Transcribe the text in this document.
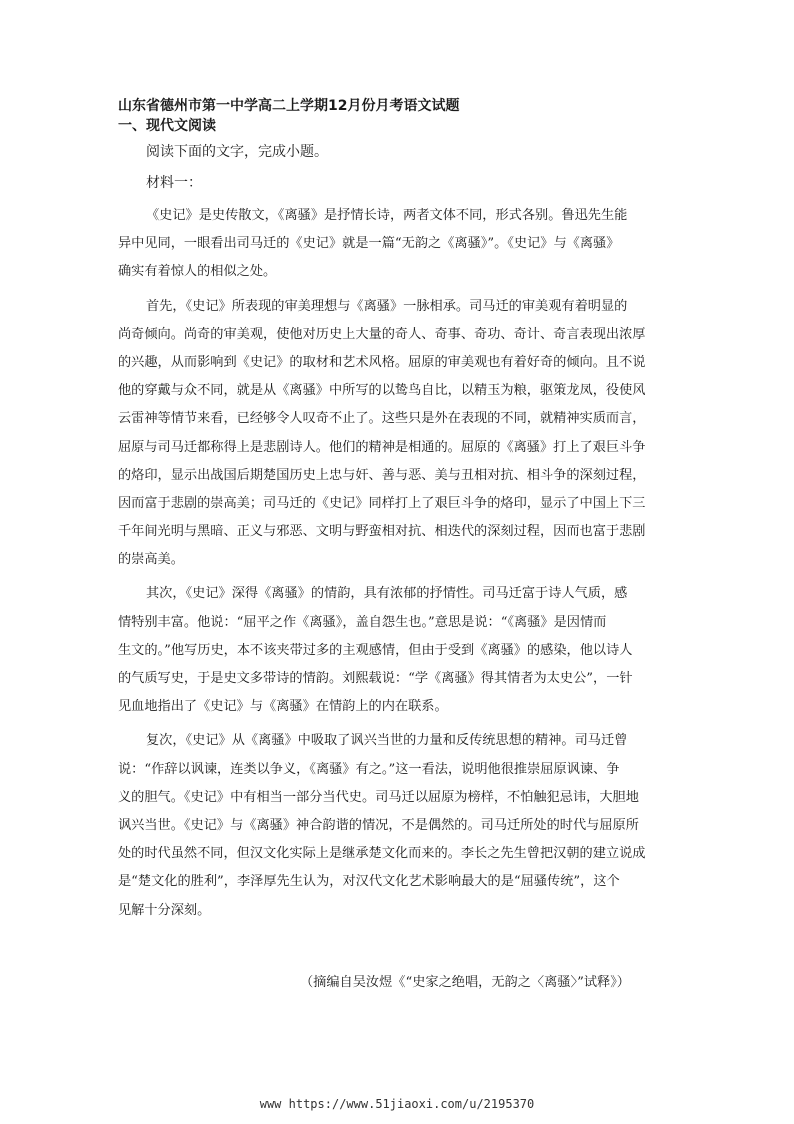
山东省德州市第一中学高二上学期12月份月考语文试题
一、现代文阅读
阅读下面的文字，完成小题。
材料一：
《史记》是史传散文，《离骚》是抒情长诗，两者文体不同，形式各别。鲁迅先生能
异中见同，一眼看出司马迁的《史记》就是一篇“无韵之《离骚》”。《史记》与《离骚》
确实有着惊人的相似之处。
首先，《史记》所表现的审美理想与《离骚》一脉相承。司马迁的审美观有着明显的
尚奇倾向。尚奇的审美观，使他对历史上大量的奇人、奇事、奇功、奇计、奇言表现出浓厚
的兴趣，从而影响到《史记》的取材和艺术风格。屈原的审美观也有着好奇的倾向。且不说
他的穿戴与众不同，就是从《离骚》中所写的以鸷鸟自比，以精玉为粮，驱策龙凤，役使风
云雷神等情节来看，已经够令人叹奇不止了。这些只是外在表现的不同，就精神实质而言，
屈原与司马迁都称得上是悲剧诗人。他们的精神是相通的。屈原的《离骚》打上了艰巨斗争
的烙印，显示出战国后期楚国历史上忠与奸、善与恶、美与丑相对抗、相斗争的深刻过程，
因而富于悲剧的崇高美；司马迁的《史记》同样打上了艰巨斗争的烙印，显示了中国上下三
千年间光明与黑暗、正义与邪恶、文明与野蛮相对抗、相迭代的深刻过程，因而也富于悲剧
的崇高美。
其次，《史记》深得《离骚》的情韵，具有浓郁的抒情性。司马迁富于诗人气质，感
情特别丰富。他说：“屈平之作《离骚》，盖自怨生也。”意思是说：“《离骚》是因情而
生文的。”他写历史，本不该夹带过多的主观感情，但由于受到《离骚》的感染，他以诗人
的气质写史，于是史文多带诗的情韵。刘熙载说：“学《离骚》得其情者为太史公”，一针
见血地指出了《史记》与《离骚》在情韵上的内在联系。
复次，《史记》从《离骚》中吸取了讽兴当世的力量和反传统思想的精神。司马迁曾
说：“作辞以讽谏，连类以争义，《离骚》有之。”这一看法，说明他很推崇屈原讽谏、争
义的胆气。《史记》中有相当一部分当代史。司马迁以屈原为榜样，不怕触犯忌讳，大胆地
讽兴当世。《史记》与《离骚》神合韵谐的情况，不是偶然的。司马迁所处的时代与屈原所
处的时代虽然不同，但汉文化实际上是继承楚文化而来的。李长之先生曾把汉朝的建立说成
是“楚文化的胜利”，李泽厚先生认为，对汉代文化艺术影响最大的是“屈骚传统”，这个
见解十分深刻。
（摘编自吴汝煜《“史家之绝唱，无韵之〈离骚〉”试释》）
www https://www.51jiaoxi.com/u/2195370
